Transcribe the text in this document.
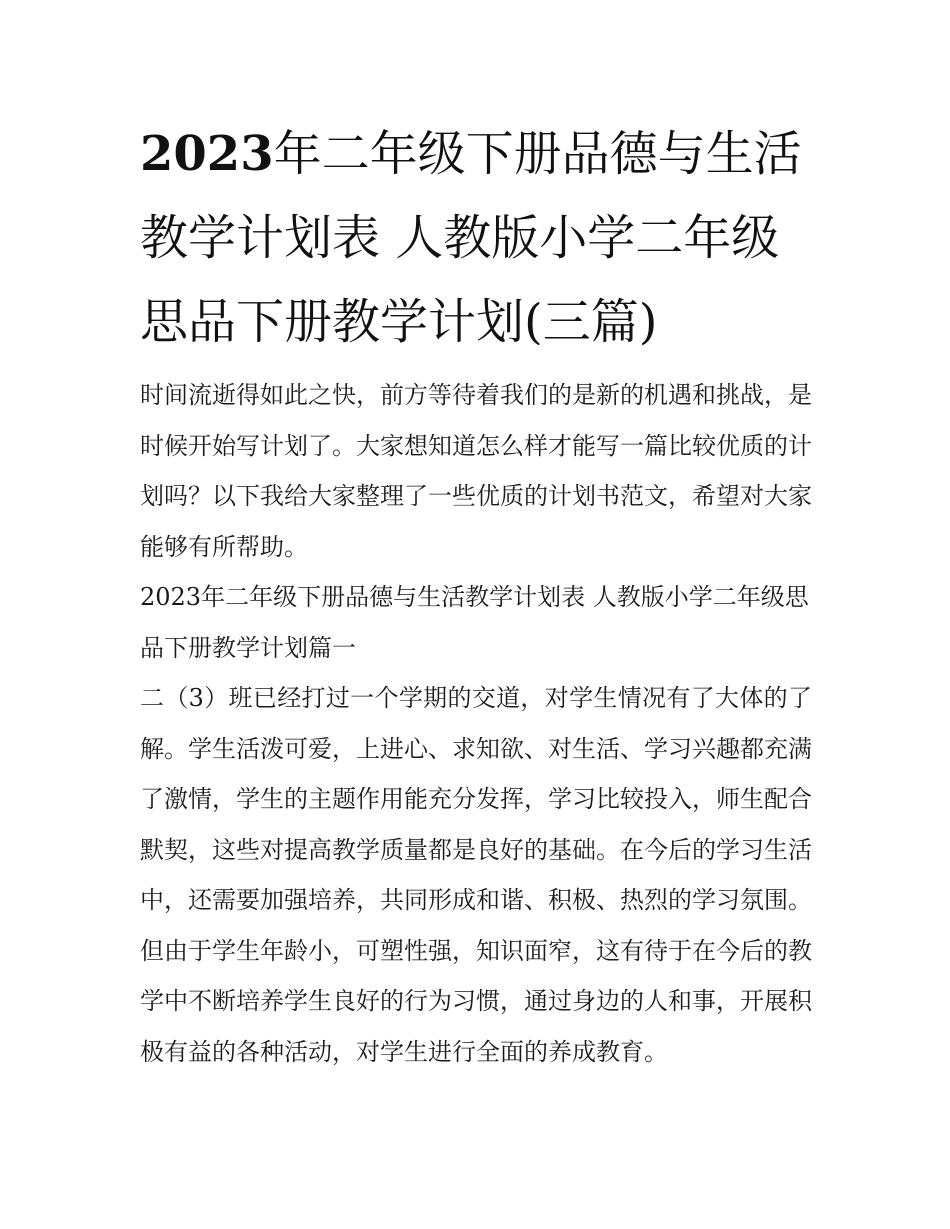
2023年二年级下册品德与生活教学计划表 人教版小学二年级思品下册教学计划(三篇)

时间流逝得如此之快，前方等待着我们的是新的机遇和挑战，是时候开始写计划了。大家想知道怎么样才能写一篇比较优质的计划吗？以下我给大家整理了一些优质的计划书范文，希望对大家能够有所帮助。

2023年二年级下册品德与生活教学计划表 人教版小学二年级思品下册教学计划篇一

二（3）班已经打过一个学期的交道，对学生情况有了大体的了解。学生活泼可爱，上进心、求知欲、对生活、学习兴趣都充满了激情，学生的主题作用能充分发挥，学习比较投入，师生配合默契，这些对提高教学质量都是良好的基础。在今后的学习生活中，还需要加强培养，共同形成和谐、积极、热烈的学习氛围。但由于学生年龄小，可塑性强，知识面窄，这有待于在今后的教学中不断培养学生良好的行为习惯，通过身边的人和事，开展积极有益的各种活动，对学生进行全面的养成教育。
